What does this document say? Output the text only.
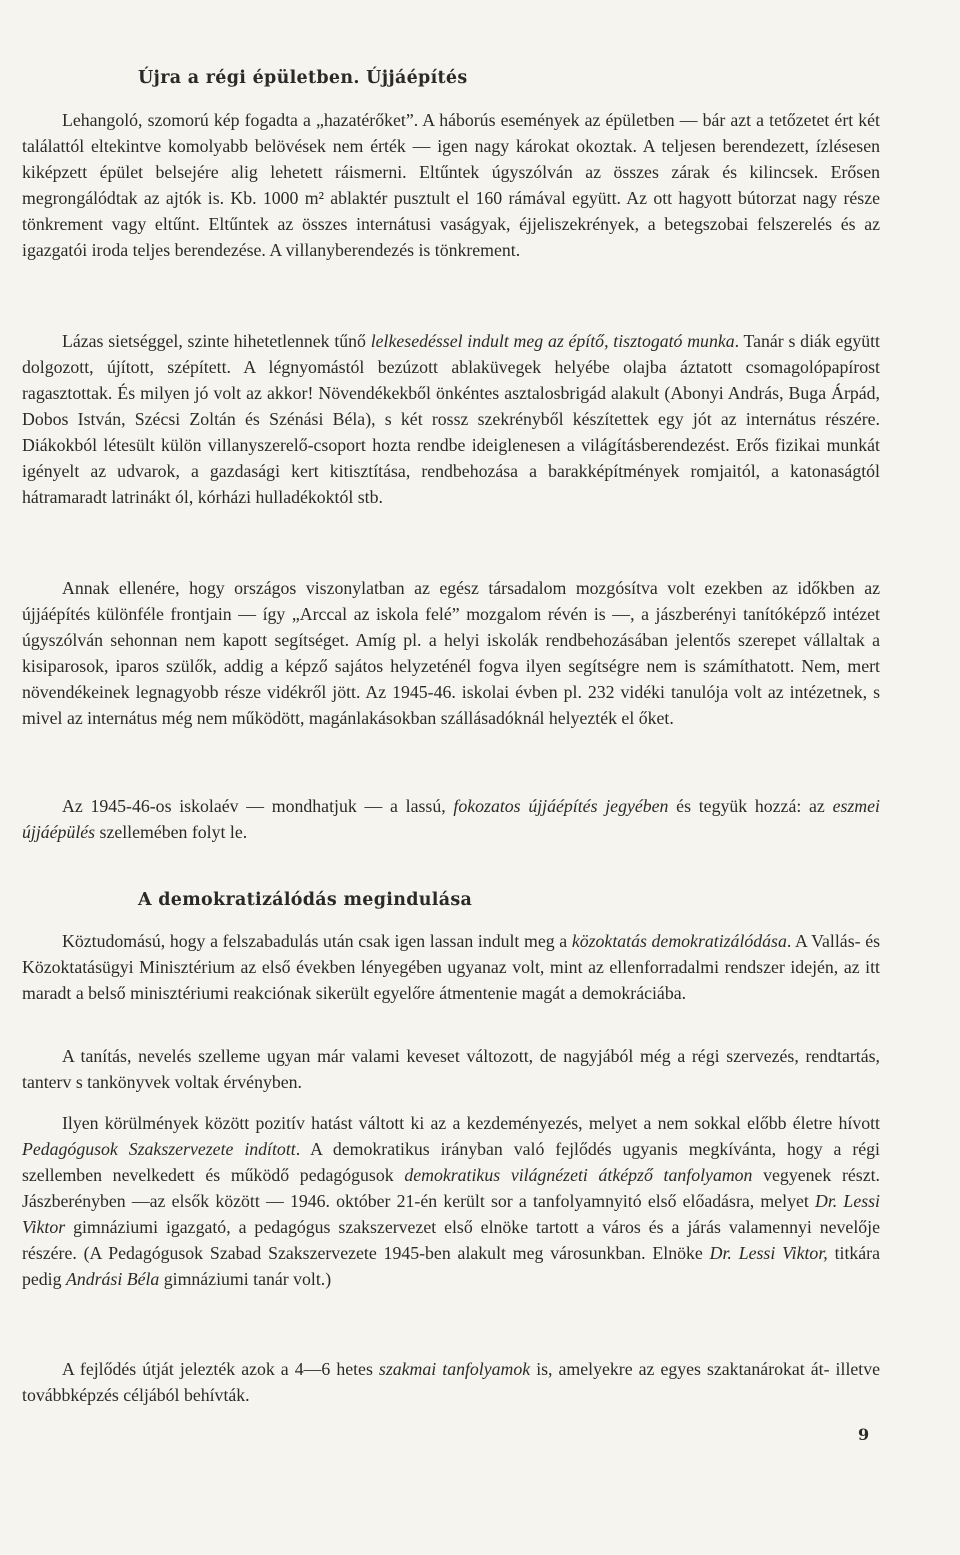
Újra a régi épületben. Újjáépítés

Lehangoló, szomorú kép fogadta a „hazatérőket”. A háborús események az épületben — bár azt a tetőzetet ért két találattól eltekintve komolyabb belövések nem érték — igen nagy károkat okoztak. A teljesen berendezett, ízlésesen kiképzett épület belsejére alig lehetett ráismerni. Eltűntek úgyszólván az összes zárak és kilincsek. Erősen megrongálódtak az ajtók is. Kb. 1000 m² ablaktér pusztult el 160 rámával együtt. Az ott hagyott bútorzat nagy része tönkrement vagy eltűnt. Eltűntek az összes internátusi vaságyak, éjjeliszekrények, a betegszobai felszerelés és az igazgatói iroda teljes berendezése. A villanyberendezés is tönkrement.

Lázas sietséggel, szinte hihetetlennek tűnő lelkesedéssel indult meg az építő, tisztogató munka. Tanár s diák együtt dolgozott, újított, szépített. A légnyomástól bezúzott ablaküvegek helyébe olajba áztatott csomagolópapírost ragasztottak. És milyen jó volt az akkor! Növendékekből önkéntes asztalosbrigád alakult (Abonyi András, Buga Árpád, Dobos István, Szécsi Zoltán és Szénási Béla), s két rossz szekrényből készítettek egy jót az internátus részére. Diákokból létesült külön villanyszerelő-csoport hozta rendbe ideiglenesen a világításberendezést. Erős fizikai munkát igényelt az udvarok, a gazdasági kert kitisztítása, rendbehozása a barakképítmények romjaitól, a katonaságtól hátramaradt latrinákt ól, kórházi hulladékoktól stb.

Annak ellenére, hogy országos viszonylatban az egész társadalom mozgósítva volt ezekben az időkben az újjáépítés különféle frontjain — így „Arccal az iskola felé” mozgalom révén is —, a jászberényi tanítóképző intézet úgyszólván sehonnan nem kapott segítséget. Amíg pl. a helyi iskolák rendbehozásában jelentős szerepet vállaltak a kisiparosok, iparos szülők, addig a képző sajátos helyzeténél fogva ilyen segítségre nem is számíthatott. Nem, mert növendékeinek legnagyobb része vidékről jött. Az 1945-46. iskolai évben pl. 232 vidéki tanulója volt az intézetnek, s mivel az internátus még nem működött, magánlakásokban szállásadóknál helyezték el őket.

Az 1945-46-os iskolaév — mondhatjuk — a lassú, fokozatos újjáépítés jegyében és tegyük hozzá: az eszmei újjáépülés szellemében folyt le.

A demokratizálódás megindulása

Köztudomású, hogy a felszabadulás után csak igen lassan indult meg a közoktatás demokratizálódása. A Vallás- és Közoktatásügyi Minisztérium az első években lényegében ugyanaz volt, mint az ellenforradalmi rendszer idején, az itt maradt a belső minisztériumi reakciónak sikerült egyelőre átmentenie magát a demokráciába.

A tanítás, nevelés szelleme ugyan már valami keveset változott, de nagyjából még a régi szervezés, rendtartás, tanterv s tankönyvek voltak érvényben.

Ilyen körülmények között pozitív hatást váltott ki az a kezdeményezés, melyet a nem sokkal előbb életre hívott Pedagógusok Szakszervezete indított. A demokratikus irányban való fejlődés ugyanis megkívánta, hogy a régi szellemben nevelkedett és működő pedagógusok demokratikus világnézeti átképző tanfolyamon vegyenek részt. Jászberényben —az elsők között — 1946. október 21-én került sor a tanfolyamnyitó első előadásra, melyet Dr. Lessi Viktor gimnáziumi igazgató, a pedagógus szakszervezet első elnöke tartott a város és a járás valamennyi nevelője részére. (A Pedagógusok Szabad Szakszervezete 1945-ben alakult meg városunkban. Elnöke Dr. Lessi Viktor, titkára pedig Andrási Béla gimnáziumi tanár volt.)

A fejlődés útját jelezték azok a 4—6 hetes szakmai tanfolyamok is, amelyekre az egyes szaktanárokat át- illetve továbbképzés céljából behívták.

9
